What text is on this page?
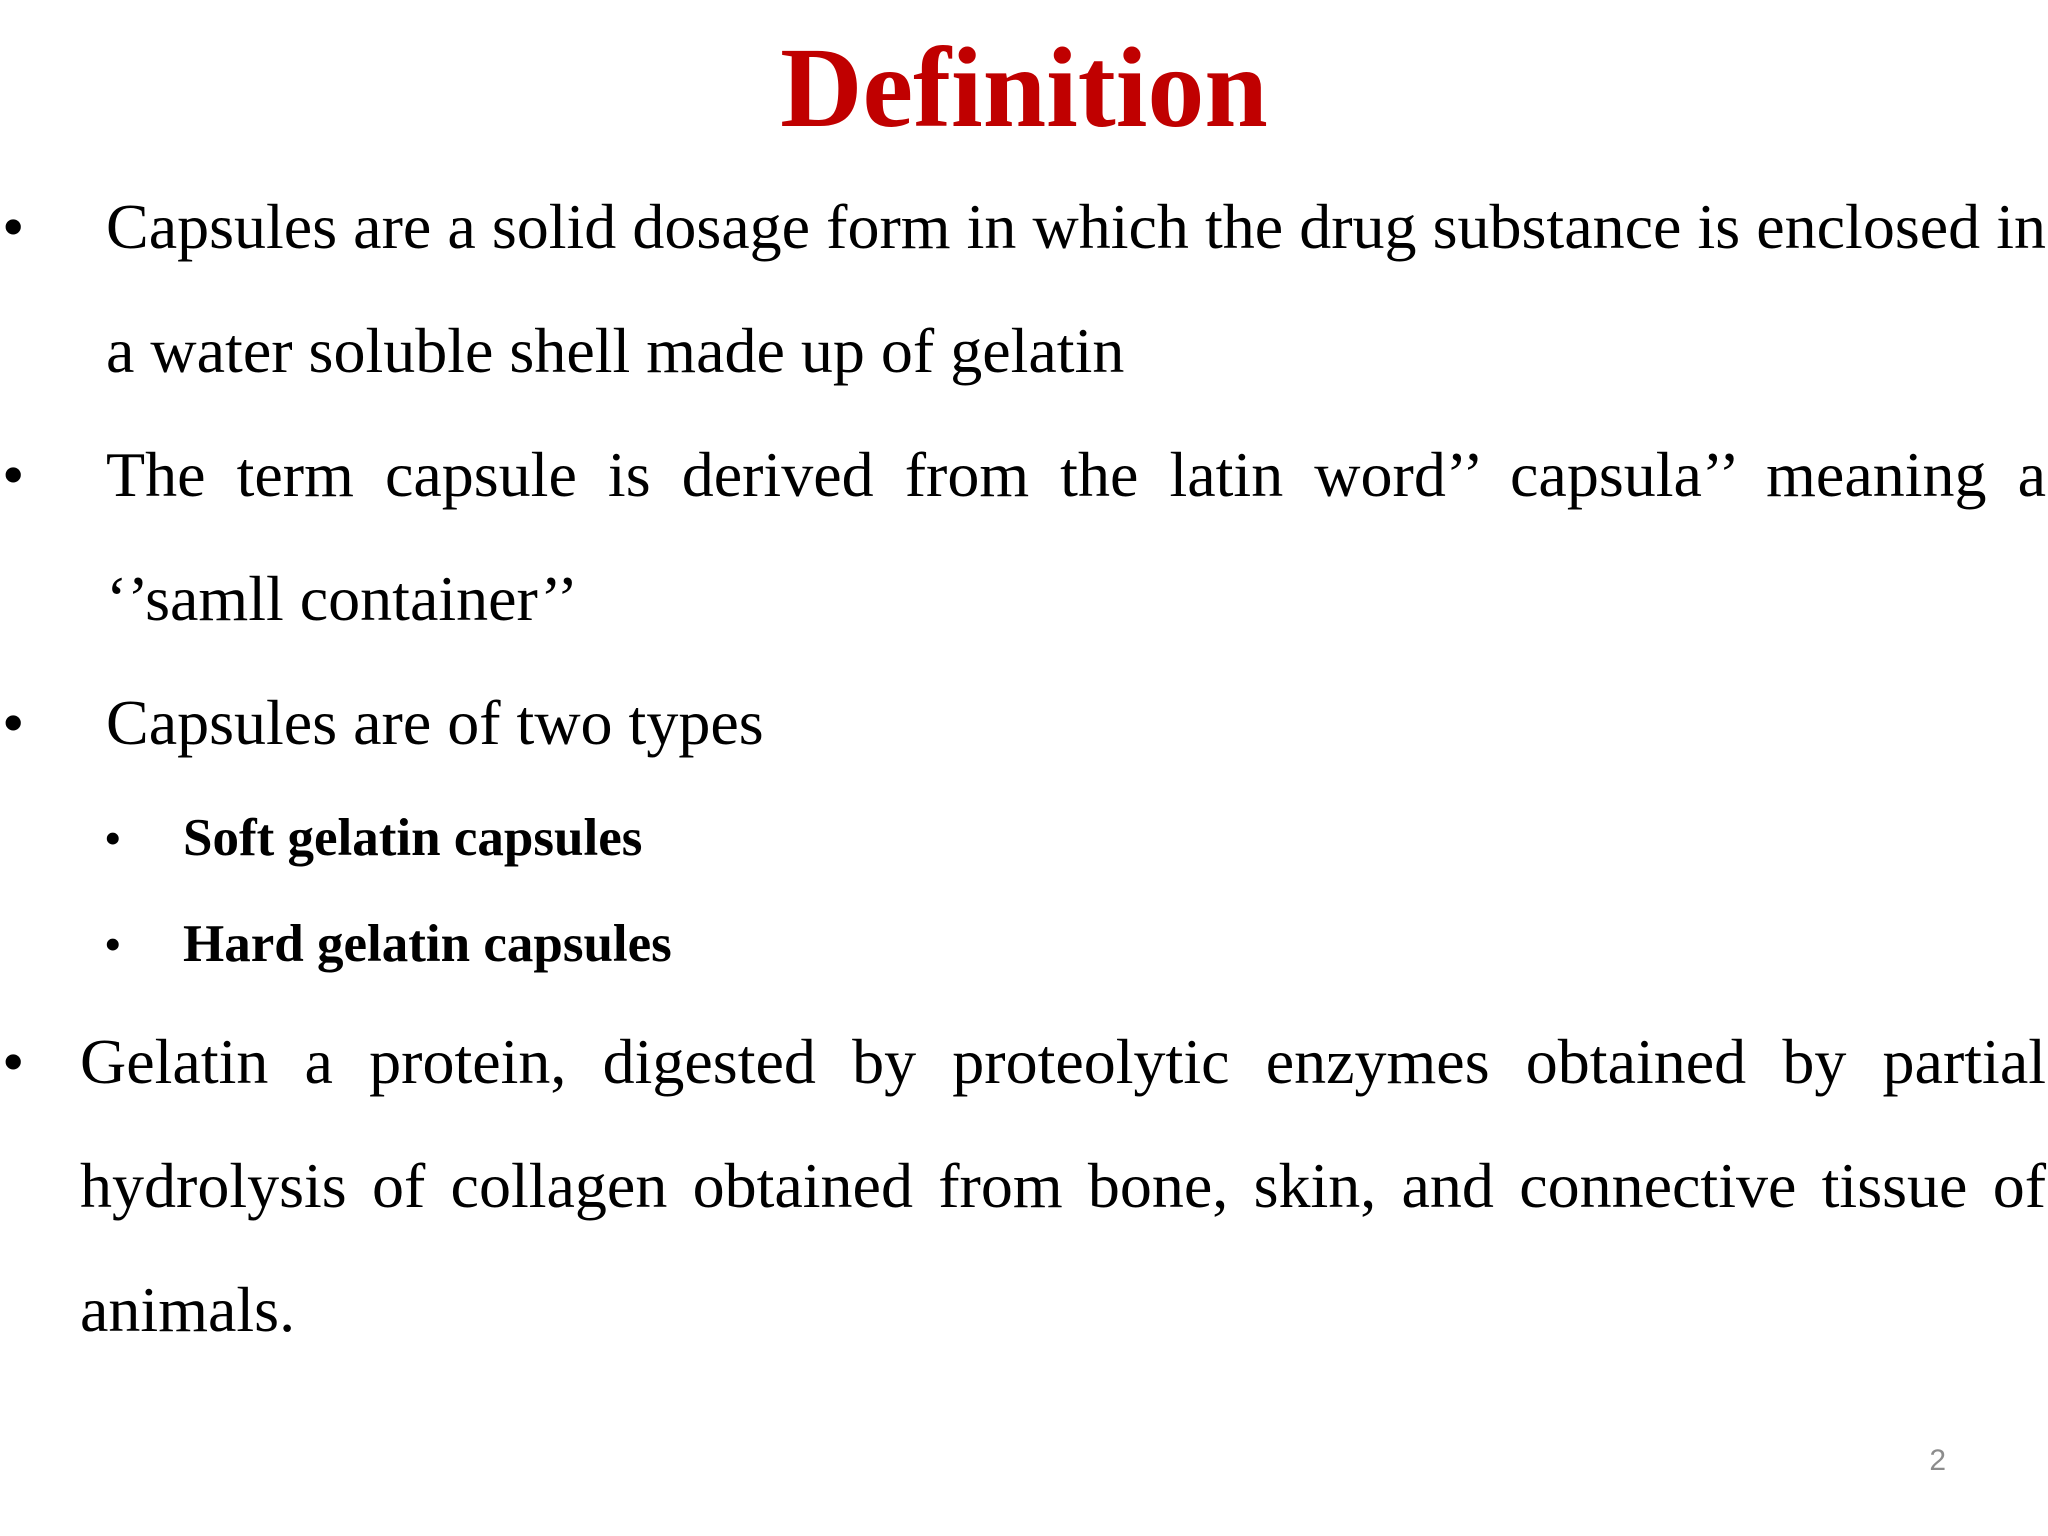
Definition
• Capsules are a solid dosage form in which the drug substance is enclosed in a water soluble shell made up of gelatin

• The term capsule is derived from the latin word’’ capsula’’ meaning a ‘’samll container’’

• Capsules are of two types

• Soft gelatin capsules

• Hard gelatin capsules

• Gelatin a protein, digested by proteolytic enzymes obtained by partial hydrolysis of collagen obtained from bone, skin, and connective tissue of animals.

2
